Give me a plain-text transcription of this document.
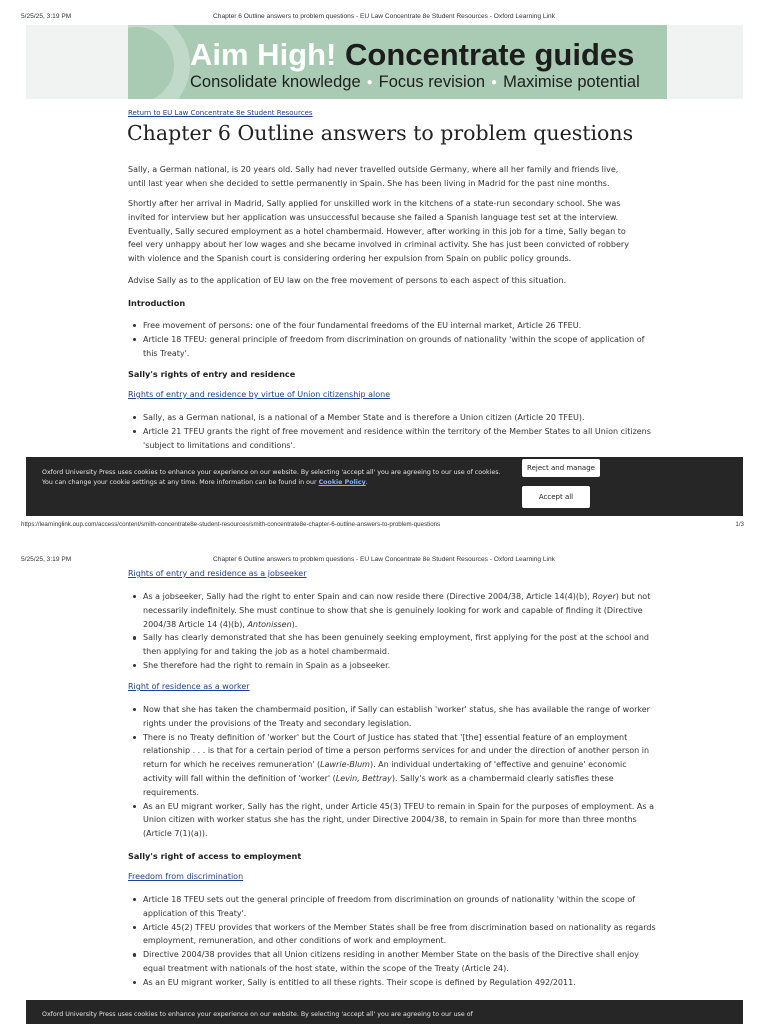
5/25/25, 3:19 PM	Chapter 6 Outline answers to problem questions - EU Law Concentrate 8e Student Resources - Oxford Learning Link
Aim High! Concentrate guides
Consolidate knowledge ● Focus revision ● Maximise potential
Return to EU Law Concentrate 8e Student Resources
Chapter 6 Outline answers to problem questions

Sally, a German national, is 20 years old. Sally had never travelled outside Germany, where all her family and friends live, until last year when she decided to settle permanently in Spain. She has been living in Madrid for the past nine months.

Shortly after her arrival in Madrid, Sally applied for unskilled work in the kitchens of a state-run secondary school. She was invited for interview but her application was unsuccessful because she failed a Spanish language test set at the interview. Eventually, Sally secured employment as a hotel chambermaid. However, after working in this job for a time, Sally began to feel very unhappy about her low wages and she became involved in criminal activity. She has just been convicted of robbery with violence and the Spanish court is considering ordering her expulsion from Spain on public policy grounds.

Advise Sally as to the application of EU law on the free movement of persons to each aspect of this situation.

Introduction
Free movement of persons: one of the four fundamental freedoms of the EU internal market, Article 26 TFEU.
Article 18 TFEU: general principle of freedom from discrimination on grounds of nationality 'within the scope of application of this Treaty'.
Sally's rights of entry and residence
Rights of entry and residence by virtue of Union citizenship alone
Sally, as a German national, is a national of a Member State and is therefore a Union citizen (Article 20 TFEU).
Article 21 TFEU grants the right of free movement and residence within the territory of the Member States to all Union citizens 'subject to limitations and conditions'.
Oxford University Press uses cookies to enhance your experience on our website. By selecting 'accept all' you are agreeing to our use of cookies. You can change your cookie settings at any time. More information can be found in our Cookie Policy.
Reject and manage
Accept all
https://learninglink.oup.com/access/content/smith-concentrate8e-student-resources/smith-concentrate8e-chapter-6-outline-answers-to-problem-questions	1/3
5/25/25, 3:19 PM	Chapter 6 Outline answers to problem questions - EU Law Concentrate 8e Student Resources - Oxford Learning Link
Rights of entry and residence as a jobseeker
As a jobseeker, Sally had the right to enter Spain and can now reside there (Directive 2004/38, Article 14(4)(b), Royer) but not necessarily indefinitely. She must continue to show that she is genuinely looking for work and capable of finding it (Directive 2004/38 Article 14 (4)(b), Antonissen).
Sally has clearly demonstrated that she has been genuinely seeking employment, first applying for the post at the school and then applying for and taking the job as a hotel chambermaid.
She therefore had the right to remain in Spain as a jobseeker.
Right of residence as a worker
Now that she has taken the chambermaid position, if Sally can establish 'worker' status, she has available the range of worker rights under the provisions of the Treaty and secondary legislation.
There is no Treaty definition of 'worker' but the Court of Justice has stated that '[the] essential feature of an employment relationship . . . is that for a certain period of time a person performs services for and under the direction of another person in return for which he receives remuneration' (Lawrie-Blum). An individual undertaking of 'effective and genuine' economic activity will fall within the definition of 'worker' (Levin, Bettray). Sally's work as a chambermaid clearly satisfies these requirements.
As an EU migrant worker, Sally has the right, under Article 45(3) TFEU to remain in Spain for the purposes of employment. As a Union citizen with worker status she has the right, under Directive 2004/38, to remain in Spain for more than three months (Article 7(1)(a)).
Sally's right of access to employment
Freedom from discrimination
Article 18 TFEU sets out the general principle of freedom from discrimination on grounds of nationality 'within the scope of application of this Treaty'.
Article 45(2) TFEU provides that workers of the Member States shall be free from discrimination based on nationality as regards employment, remuneration, and other conditions of work and employment.
Directive 2004/38 provides that all Union citizens residing in another Member State on the basis of the Directive shall enjoy equal treatment with nationals of the host state, within the scope of the Treaty (Article 24).
As an EU migrant worker, Sally is entitled to all these rights. Their scope is defined by Regulation 492/2011.
Oxford University Press uses cookies to enhance your experience on our website. By selecting 'accept all' you are agreeing to our use of
